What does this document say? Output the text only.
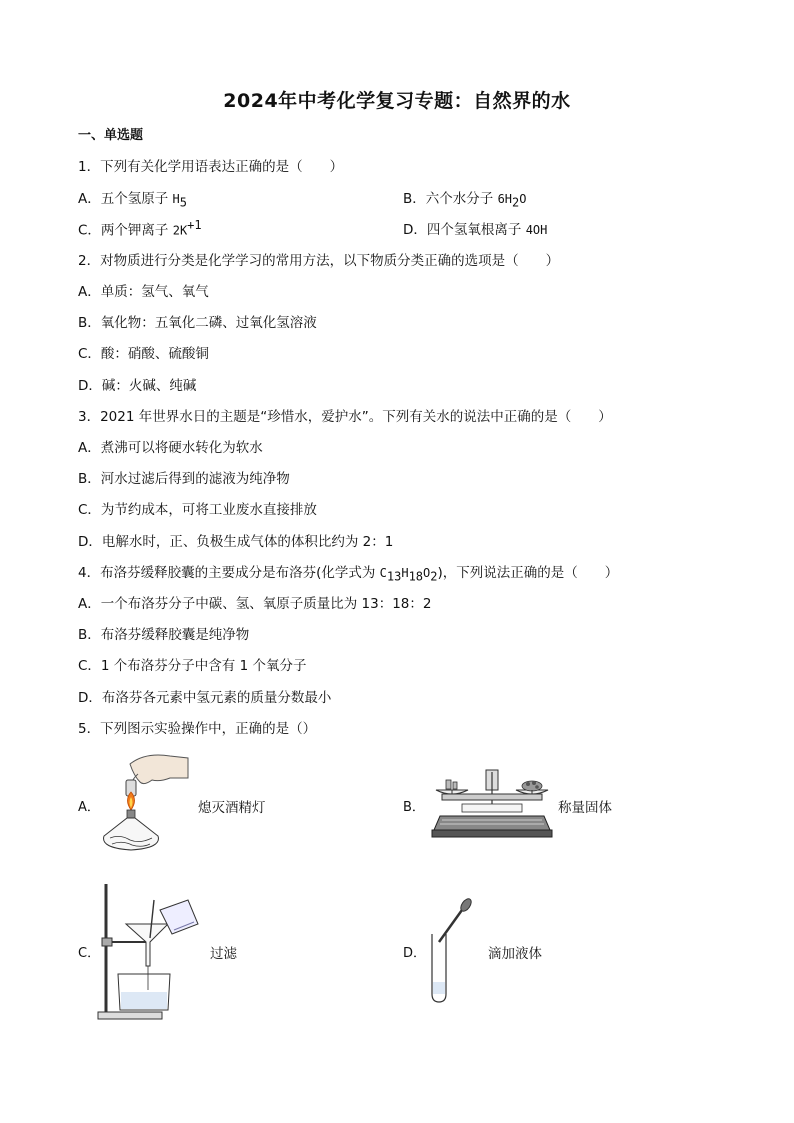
2024年中考化学复习专题：自然界的水
一、单选题
1．下列有关化学用语表达正确的是（　　）
A．五个氢原子 $H_5$	B．六个水分子 $6H_2O$
C．两个钾离子 $2K^{+1}$	D．四个氢氧根离子 4OH
2．对物质进行分类是化学学习的常用方法，以下物质分类正确的选项是（　　）
A．单质：氢气、氧气
B．氧化物：五氧化二磷、过氧化氢溶液
C．酸：硝酸、硫酸铜
D．碱：火碱、纯碱
3．2021 年世界水日的主题是“珍惜水，爱护水”。下列有关水的说法中正确的是（　　）
A．煮沸可以将硬水转化为软水
B．河水过滤后得到的滤液为纯净物
C．为节约成本，可将工业废水直接排放
D．电解水时，正、负极生成气体的体积比约为 2：1
4．布洛芬缓释胶囊的主要成分是布洛芬(化学式为 $C_{13}H_{18}O_2$)，下列说法正确的是（　　）
A．一个布洛芬分子中碳、氢、氧原子质量比为 13：18：2
B．布洛芬缓释胶囊是纯净物
C．1 个布洛芬分子中含有 1 个氧分子
D．布洛芬各元素中氢元素的质量分数最小
5．下列图示实验操作中，正确的是（）
A．	熄灭酒精灯	B．	称量固体
C．	过滤	D．	滴加液体
